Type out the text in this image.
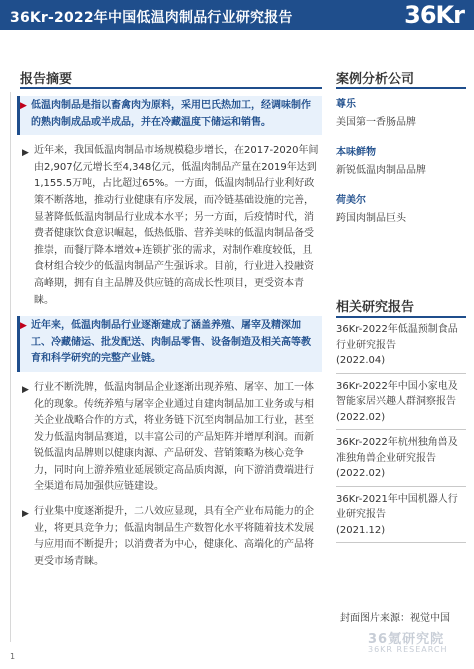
36Kr-2022年中国低温肉制品行业研究报告	36Kr
报告摘要
▶ 低温肉制品是指以畜禽肉为原料，采用巴氏热加工，经调味制作的熟肉制成品或半成品，并在冷藏温度下储运和销售。
▶ 近年来，我国低温肉制品市场规模稳步增长，在2017-2020年间由2,907亿元增长至4,348亿元，低温肉制品产量在2019年达到1,155.5万吨，占比超过65%。一方面，低温肉制品行业利好政策不断落地，推动行业健康有序发展，而冷链基础设施的完善，显著降低低温肉制品行业成本水平；另一方面，后疫情时代，消费者健康饮食意识崛起，低热低脂、营养美味的低温肉制品备受推崇，而餐厅降本增效+连锁扩张的需求，对制作难度较低，且食材组合较少的低温肉制品产生强诉求。目前，行业进入投融资高峰期，拥有自主品牌及供应链的高成长性项目，更受资本青睐。
▶ 近年来，低温肉制品行业逐渐建成了涵盖养殖、屠宰及精深加工、冷藏储运、批发配送、肉制品零售、设备制造及相关高等教育和科学研究的完整产业链。
▶ 行业不断洗牌，低温肉制品企业逐渐出现养殖、屠宰、加工一体化的现象。传统养殖与屠宰企业通过自建肉制品加工业务或与相关企业战略合作的方式，将业务链下沉至肉制品加工行业，甚至发力低温肉制品赛道，以丰富公司的产品矩阵并增厚利润。而新锐低温肉品牌则以健康肉源、产品研发、营销策略为核心竞争力，同时向上游养殖业延展锁定高品质肉源，向下游消费端进行全渠道布局加强供应链建设。
▶ 行业集中度逐渐提升，二八效应显现，具有全产业布局能力的企业，将更具竞争力；低温肉制品生产数智化水平将随着技术发展与应用而不断提升；以消费者为中心，健康化、高端化的产品将更受市场青睐。
案例分析公司
尊乐
美国第一香肠品牌
本味鲜物
新锐低温肉制品品牌
荷美尔
跨国肉制品巨头
相关研究报告
36Kr-2022年低温预制食品行业研究报告
(2022.04)
36Kr-2022年中国小家电及智能家居兴趣人群洞察报告
(2022.02)
36Kr-2022年杭州独角兽及准独角兽企业研究报告
(2022.02)
36Kr-2021年中国机器人行业研究报告
(2021.12)
封面图片来源：视觉中国
36氪研究院
36KR RESEARCH
1
